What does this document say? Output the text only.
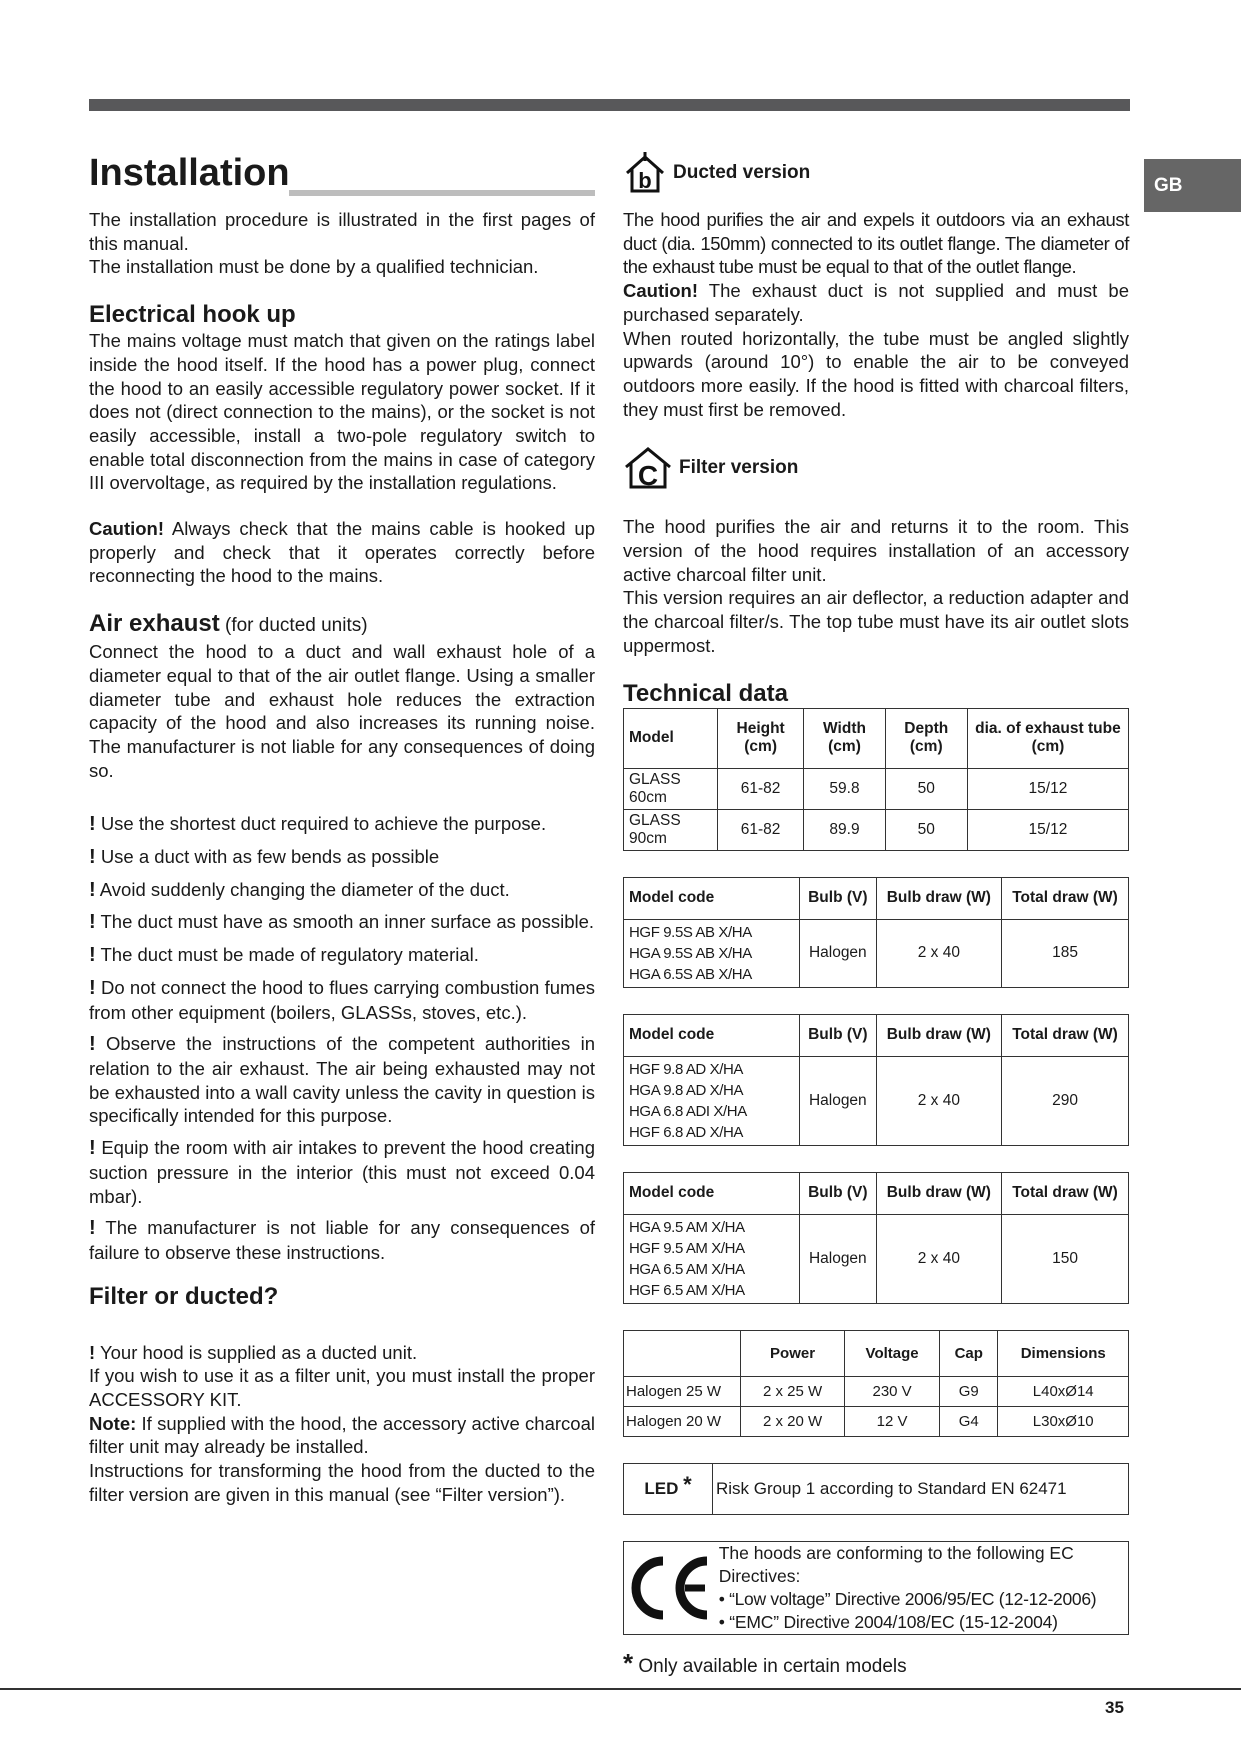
GB
Installation

The installation procedure is illustrated in the first pages of this manual.

The installation must be done by a qualified technician.

Electrical hook up

The mains voltage must match that given on the ratings label inside the hood itself. If the hood has a power plug, connect the hood to an easily accessible regulatory power socket. If it does not (direct connection to the mains), or the socket is not easily accessible, install a two-pole regulatory switch to enable total disconnection from the mains in case of category III overvoltage, as required by the installation regulations.

Caution! Always check that the mains cable is hooked up properly and check that it operates correctly before reconnecting the hood to the mains.

Air exhaust (for ducted units)

Connect the hood to a duct and wall exhaust hole of a diameter equal to that of the air outlet flange. Using a smaller diameter tube and exhaust hole reduces the extraction capacity of the hood and also increases its running noise. The manufacturer is not liable for any consequences of doing so.

! Use the shortest duct required to achieve the purpose.

! Use a duct with as few bends as possible

! Avoid suddenly changing the diameter of the duct.

! The duct must have as smooth an inner surface as possible.

! The duct must be made of regulatory material.

! Do not connect the hood to flues carrying combustion fumes from other equipment (boilers, GLASSs, stoves, etc.).

! Observe the instructions of the competent authorities in relation to the air exhaust. The air being exhausted may not be exhausted into a wall cavity unless the cavity in question is specifically intended for this purpose.

! Equip the room with air intakes to prevent the hood creating suction pressure in the interior (this must not exceed 0.04 mbar).

! The manufacturer is not liable for any consequences of failure to observe these instructions.

Filter or ducted?

! Your hood is supplied as a ducted unit.

If you wish to use it as a filter unit, you must install the proper ACCESSORY KIT.

Note: If supplied with the hood, the accessory active charcoal filter unit may already be installed.

Instructions for transforming the hood from the ducted to the filter version are given in this manual (see “Filter version”).

b Ducted version

The hood purifies the air and expels it outdoors via an exhaust duct (dia. 150mm) connected to its outlet flange. The diameter of the exhaust tube must be equal to that of the outlet flange.

Caution! The exhaust duct is not supplied and must be purchased separately.

When routed horizontally, the tube must be angled slightly upwards (around 10°) to enable the air to be conveyed outdoors more easily. If the hood is fitted with charcoal filters, they must first be removed.

C Filter version

The hood purifies the air and returns it to the room. This version of the hood requires installation of an accessory active charcoal filter unit.

This version requires an air deflector, a reduction adapter and the charcoal filter/s. The top tube must have its air outlet slots uppermost.

Technical data
Model	Height (cm)	Width (cm)	Depth (cm)	dia. of exhaust tube (cm)
GLASS 60cm	61-82	59.8	50	15/12
GLASS 90cm	61-82	89.9	50	15/12
Model code	Bulb (V)	Bulb draw (W)	Total draw (W)

HGF 9.5S AB X/HA
HGA 9.5S AB X/HA
HGA 6.5S AB X/HA	Halogen	2 x 40	185
Model code	Bulb (V)	Bulb draw (W)	Total draw (W)

HGF 9.8 AD X/HA
HGA 9.8 AD X/HA
HGA 6.8 ADI X/HA
HGF 6.8 AD X/HA	Halogen	2 x 40	290
Model code	Bulb (V)	Bulb draw (W)	Total draw (W)

HGA 9.5 AM X/HA
HGF 9.5 AM X/HA
HGA 6.5 AM X/HA
HGF 6.5 AM X/HA	Halogen	2 x 40	150
	Power	Voltage	Cap	Dimensions
Halogen 25 W	2 x 25 W	230 V	G9	L40xØ14
Halogen 20 W	2 x 20 W	12 V	G4	L30xØ10
LED
* Risk Group 1 according to Standard EN 62471
The hoods are conforming to the following EC Directives:
• “Low voltage” Directive 2006/95/EC (12-12-2006)
• “EMC” Directive 2004/108/EC (15-12-2004)
* Only available in certain models
35
